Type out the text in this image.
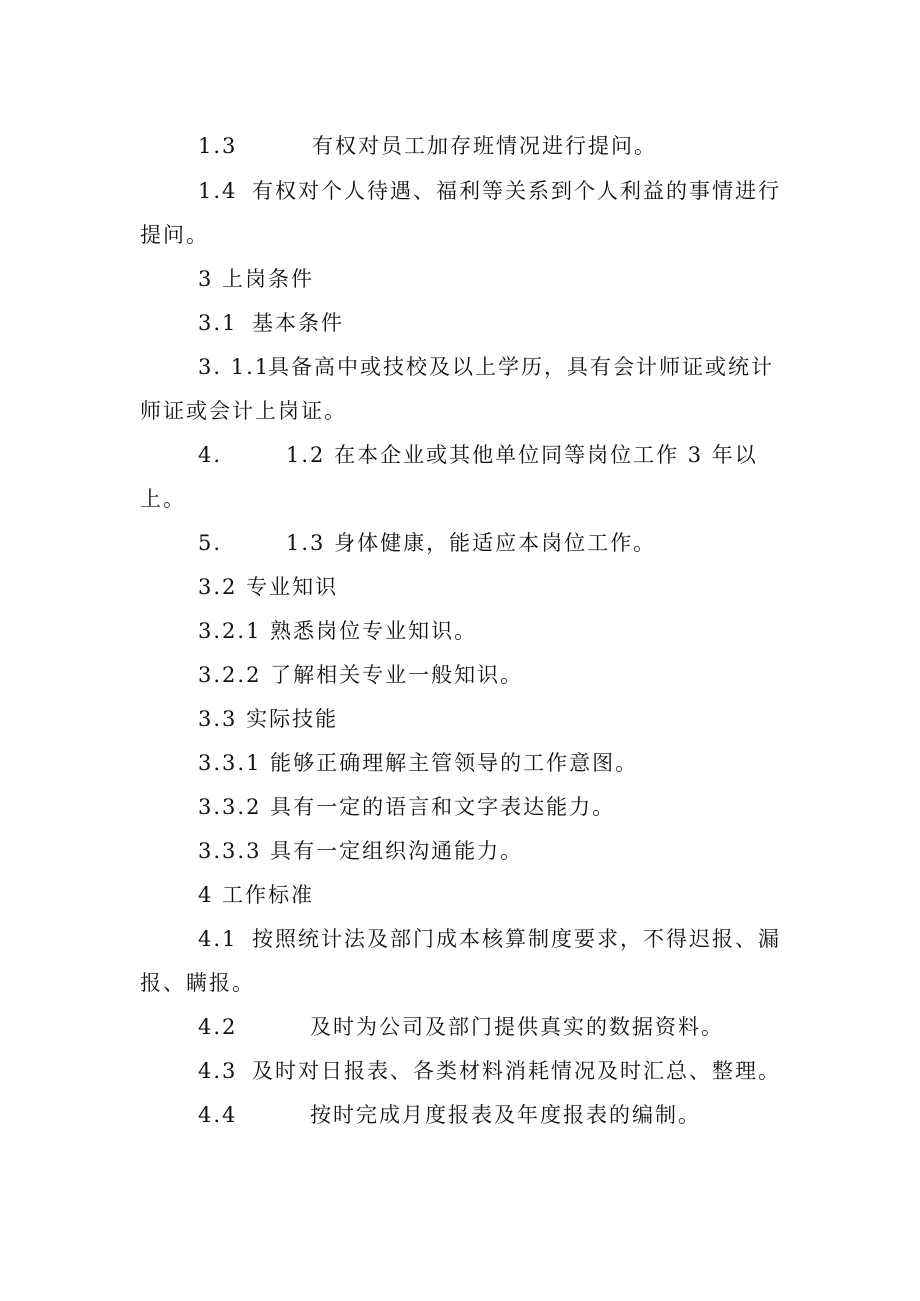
1.3	有权对员工加存班情况进行提问。
1.4 有权对个人待遇、福利等关系到个人利益的事情进行
提问。
3 上岗条件
3.1 基本条件
3. 1.1具备高中或技校及以上学历，具有会计师证或统计
师证或会计上岗证。
4.	1.2 在本企业或其他单位同等岗位工作 3 年以
上。
5.	1.3 身体健康，能适应本岗位工作。
3.2 专业知识
3.2.1 熟悉岗位专业知识。
3.2.2 了解相关专业一般知识。
3.3 实际技能
3.3.1 能够正确理解主管领导的工作意图。
3.3.2 具有一定的语言和文字表达能力。
3.3.3 具有一定组织沟通能力。
4 工作标准
4.1 按照统计法及部门成本核算制度要求，不得迟报、漏
报、瞒报。
4.2	及时为公司及部门提供真实的数据资料。
4.3 及时对日报表、各类材料消耗情况及时汇总、整理。
4.4	按时完成月度报表及年度报表的编制。
